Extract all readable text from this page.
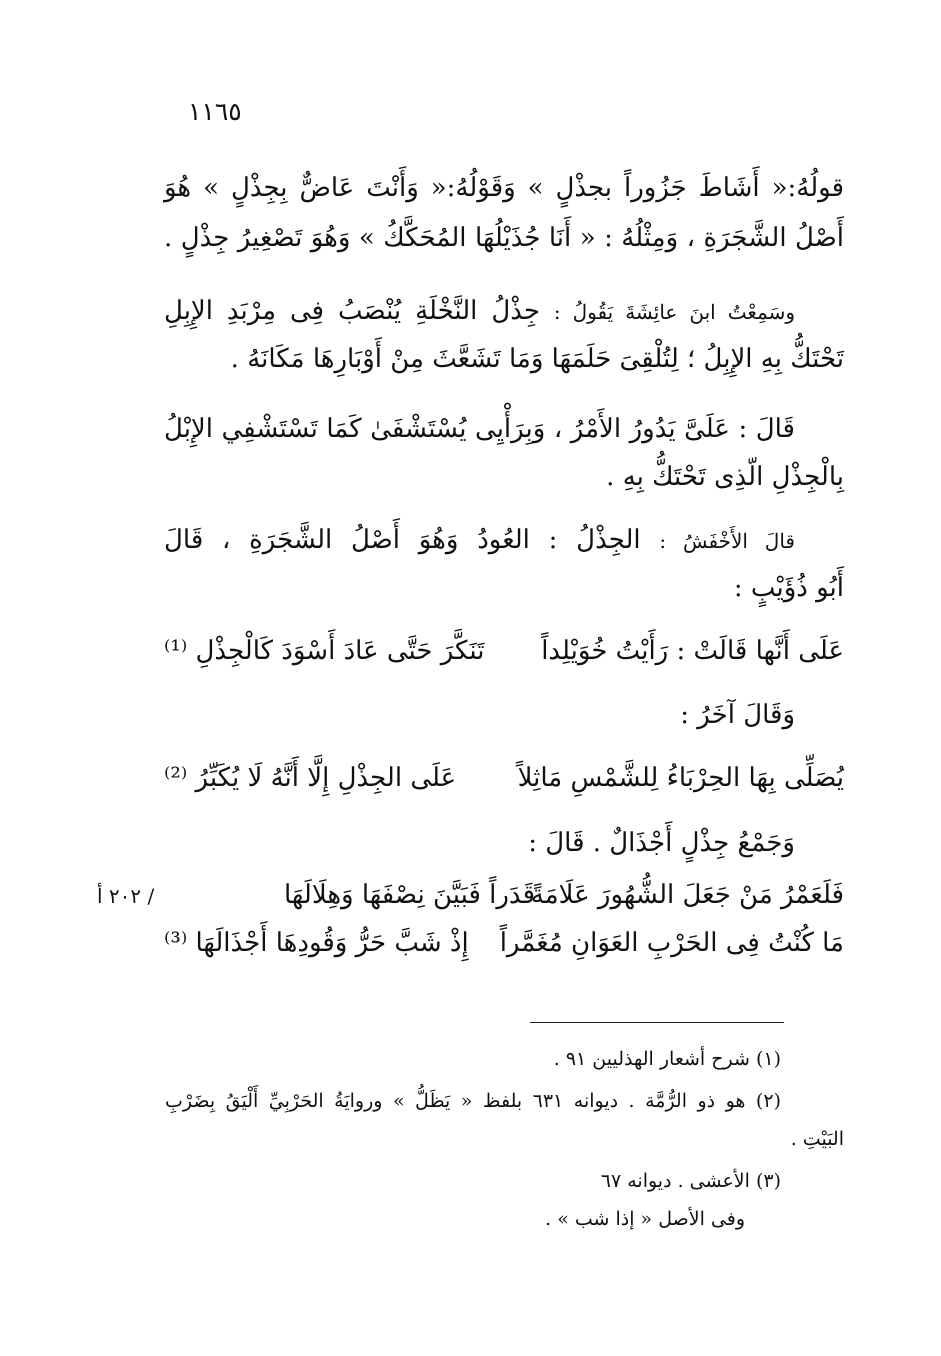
١١٦٥
قولُهُ:« أَشَاطَ جَزُوراً بجذْلٍ » وَقَوْلُهُ:« وَأَنْتَ عَاضٌّ بِجِذْلٍ » هُوَ
أَصْلُ الشَّجَرَةِ ، وَمِثْلُهُ : « أَنَا جُذَيْلُهَا المُحَكَّكُ » وَهُوَ تَصْغِيرُ جِذْلٍ .
وسَمِعْتُ ابنَ عائِشَةَ يَقُولُ : جِذْلُ النَّخْلَةِ يُنْصَبُ فِى مِرْبَدِ الإِبِلِ
تَحْتَكُّ بِهِ الإِبِلُ ؛ لِتُلْقِىَ حَلَمَهَا وَمَا تَشَعَّثَ مِنْ أَوْبَارِهَا مَكَانَهُ .
قَالَ : عَلَىَّ يَدُورُ الأَمْرُ ، وَبِرَأْيِى يُسْتَشْفَىٰ كَمَا تَسْتَشْفِي الإِبْلُ
بِالْجِذْلِ الّذِى تَحْتَكُّ بِهِ .
قالَ الأَخْفَشُ : الجِذْلُ : العُودُ وَهُوَ أَصْلُ الشَّجَرَةِ ، قَالَ
أَبُو ذُؤَيْبٍ :
عَلَى أَنَّها قَالَتْ : رَأَيْتُ خُوَيْلِداً
تَنَكَّرَ حَتَّى عَادَ أَسْوَدَ كَالْجِذْلِ ⁽¹⁾
وَقَالَ آخَرُ :
يُصَلِّى بِهَا الحِرْبَاءُ لِلشَّمْسِ مَاثِلاً
عَلَى الجِذْلِ إِلَّا أَنَّهُ لَا يُكَبِّرُ ⁽²⁾
وَجَمْعُ جِذْلٍ أَجْذَالٌ . قَالَ :
فَلَعَمْرُ مَنْ جَعَلَ الشُّهُورَ عَلَامَةً
قَدَراً فَبَيَّنَ نِصْفَهَا وَهِلَالَهَا
/ ٢٠٢ أ
مَا كُنْتُ فِى الحَرْبِ العَوَانِ مُغَمَّراً
إِذْ شَبَّ حَرُّ وَقُودِهَا أَجْذَالَهَا ⁽³⁾
(١) شرح أشعار الهذليين ٩١ .
(٢) هو ذو الرُّمَّة . ديوانه ٦٣١ بلفظ « يَظَلُّ » وروايَةُ الحَرْبِيِّ أَلْيَقُ بِضَرْبِ
البَيْتِ .
(٣) الأعشى . ديوانه ٦٧
وفى الأصل « إذا شب » .
